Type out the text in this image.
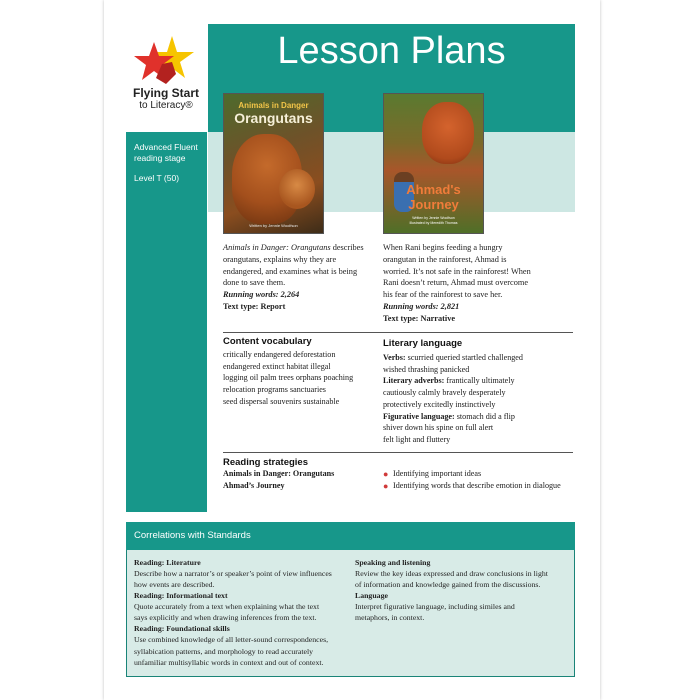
Flying Start
to Literacy®
Lesson Plans
Advanced Fluent reading stage
Level T (50)
Animals in Danger
Orangutans
Written by Jennie Woolfson
Ahmad's
Journey
Written by Jennie Woolfson
Illustrated by Meredith Thomas
Animals in Danger: Orangutans describes
orangutans, explains why they are
endangered, and examines what is being
done to save them.
Running words: 2,264
Text type: Report
When Rani begins feeding a hungry
orangutan in the rainforest, Ahmad is
worried. It’s not safe in the rainforest! When
Rani doesn’t return, Ahmad must overcome
his fear of the rainforest to save her.
Running words: 2,821
Text type: Narrative
Content vocabulary
critically endangered deforestation
endangered extinct habitat illegal
logging oil palm trees orphans poaching
relocation programs sanctuaries
seed dispersal souvenirs sustainable
Literary language
Verbs: scurried queried startled challenged
wished thrashing panicked
Literary adverbs: frantically ultimately
cautiously calmly bravely desperately
protectively excitedly instinctively
Figurative language: stomach did a flip
shiver down his spine on full alert
felt light and fluttery
Reading strategies
Animals in Danger: Orangutans
Ahmad’s Journey
● Identifying important ideas
● Identifying words that describe emotion in dialogue
Correlations with Standards
Reading: Literature
Describe how a narrator’s or speaker’s point of view influences
how events are described.
Reading: Informational text
Quote accurately from a text when explaining what the text
says explicitly and when drawing inferences from the text.
Reading: Foundational skills
Use combined knowledge of all letter-sound correspondences,
syllabication patterns, and morphology to read accurately
unfamiliar multisyllabic words in context and out of context.
Speaking and listening
Review the key ideas expressed and draw conclusions in light
of information and knowledge gained from the discussions.
Language
Interpret figurative language, including similes and
metaphors, in context.
